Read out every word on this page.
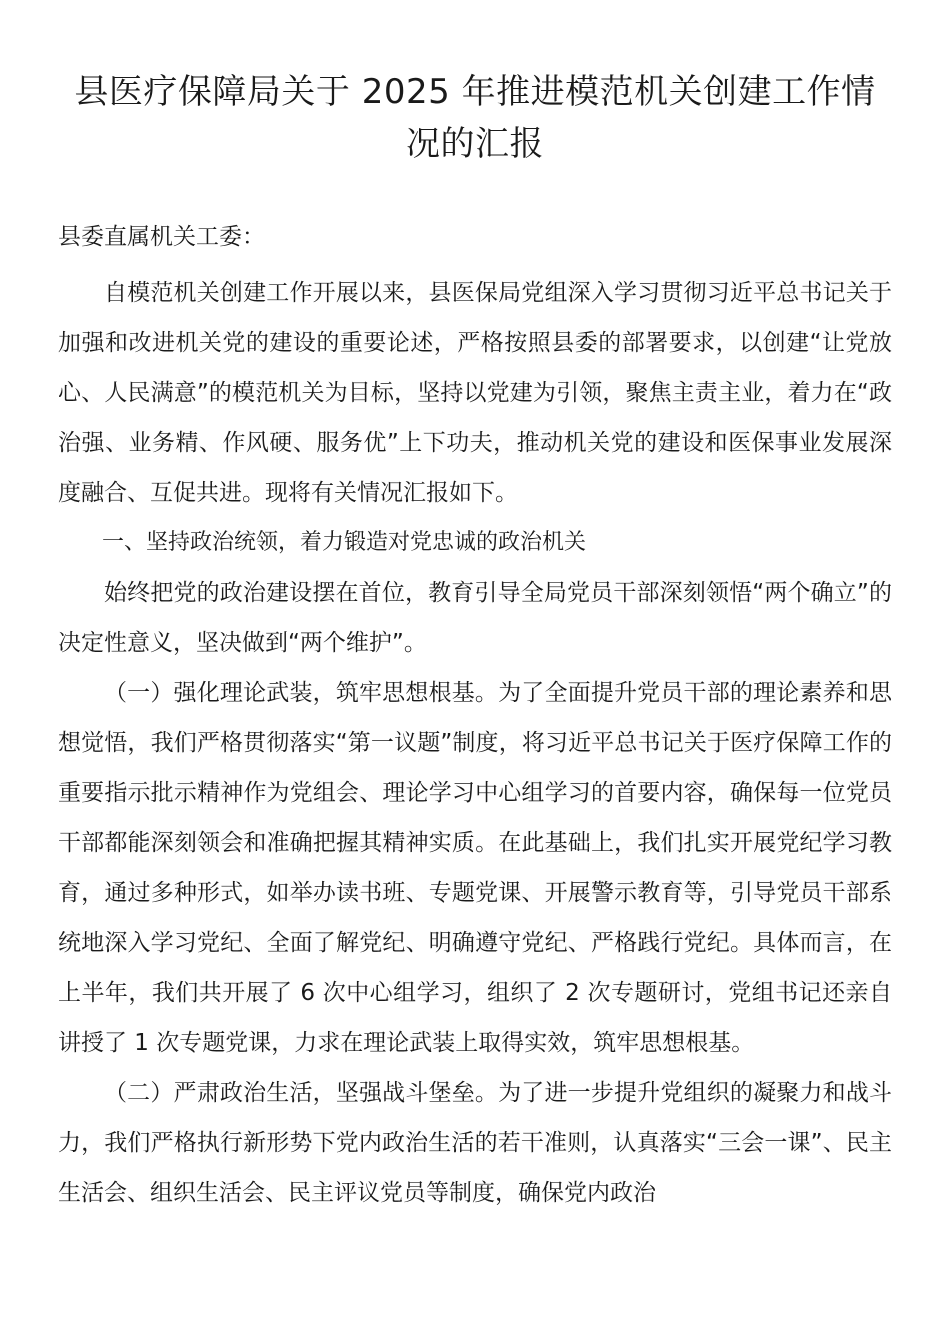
县医疗保障局关于 2025 年推进模范机关创建工作情况的汇报

县委直属机关工委：

自模范机关创建工作开展以来，县医保局党组深入学习贯彻习近平总书记关于加强和改进机关党的建设的重要论述，严格按照县委的部署要求，以创建“让党放心、人民满意”的模范机关为目标，坚持以党建为引领，聚焦主责主业，着力在“政治强、业务精、作风硬、服务优”上下功夫，推动机关党的建设和医保事业发展深度融合、互促共进。现将有关情况汇报如下。

一、坚持政治统领，着力锻造对党忠诚的政治机关

始终把党的政治建设摆在首位，教育引导全局党员干部深刻领悟“两个确立”的决定性意义，坚决做到“两个维护”。

（一）强化理论武装，筑牢思想根基。为了全面提升党员干部的理论素养和思想觉悟，我们严格贯彻落实“第一议题”制度，将习近平总书记关于医疗保障工作的重要指示批示精神作为党组会、理论学习中心组学习的首要内容，确保每一位党员干部都能深刻领会和准确把握其精神实质。在此基础上，我们扎实开展党纪学习教育，通过多种形式，如举办读书班、专题党课、开展警示教育等，引导党员干部系统地深入学习党纪、全面了解党纪、明确遵守党纪、严格践行党纪。具体而言，在上半年，我们共开展了 6 次中心组学习，组织了 2 次专题研讨，党组书记还亲自讲授了 1 次专题党课，力求在理论武装上取得实效，筑牢思想根基。

（二）严肃政治生活，坚强战斗堡垒。为了进一步提升党组织的凝聚力和战斗力，我们严格执行新形势下党内政治生活的若干准则，认真落实“三会一课”、民主生活会、组织生活会、民主评议党员等制度，确保党内政治
